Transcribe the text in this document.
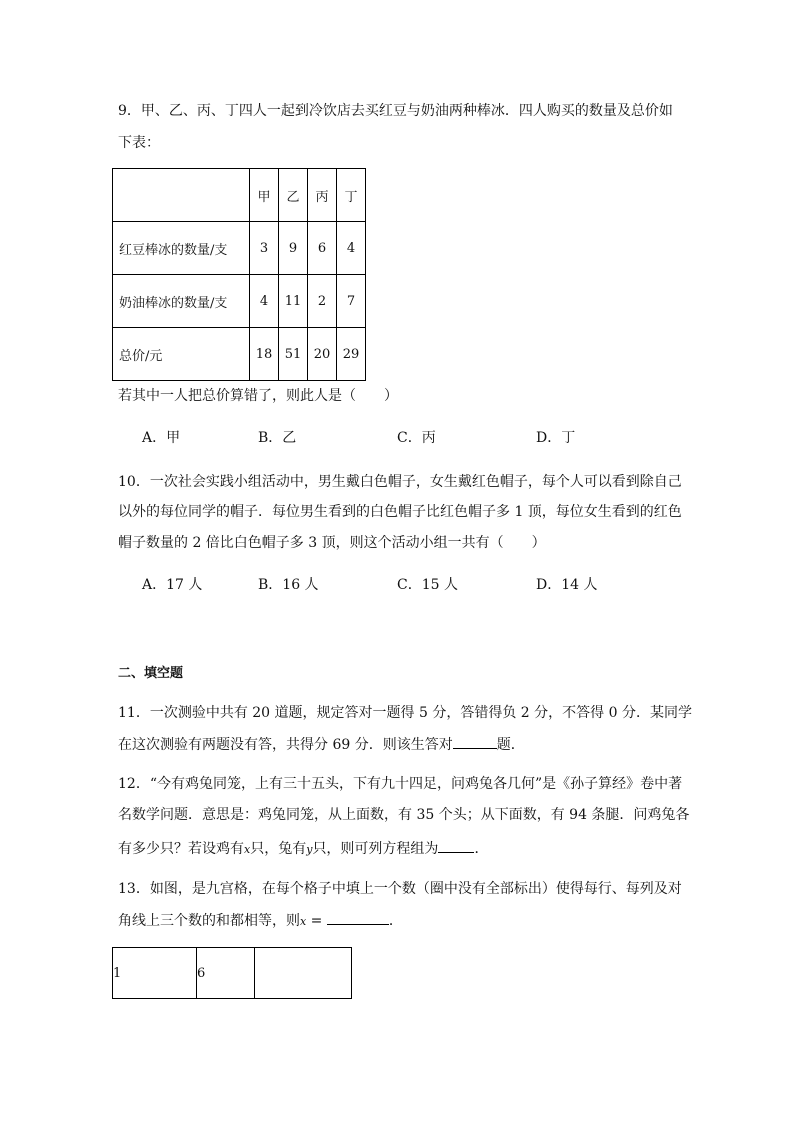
9．甲、乙、丙、丁四人一起到冷饮店去买红豆与奶油两种棒冰．四人购买的数量及总价如
下表：
	甲	乙	丙	丁
红豆棒冰的数量/支	3	9	6	4
奶油棒冰的数量/支	4	11	2	7
总价/元	18	51	20	29
若其中一人把总价算错了，则此人是（　　）
A．甲	B．乙	C．丙	D．丁
10．一次社会实践小组活动中，男生戴白色帽子，女生戴红色帽子，每个人可以看到除自己
以外的每位同学的帽子．每位男生看到的白色帽子比红色帽子多 1 顶，每位女生看到的红色
帽子数量的 2 倍比白色帽子多 3 顶，则这个活动小组一共有（　　）
A．17 人	B．16 人	C．15 人	D．14 人
二、填空题
11．一次测验中共有 20 道题，规定答对一题得 5 分，答错得负 2 分，不答得 0 分．某同学
在这次测验有两题没有答，共得分 69 分．则该生答对	题．
12．“今有鸡兔同笼，上有三十五头，下有九十四足，问鸡兔各几何”是《孙子算经》卷中著
名数学问题．意思是：鸡兔同笼，从上面数，有 35 个头；从下面数，有 94 条腿．问鸡兔各
有多少只？若设鸡有x只，兔有y只，则可列方程组为	．
13．如图，是九宫格，在每个格子中填上一个数（圈中没有全部标出）使得每行、每列及对
角线上三个数的和都相等，则x =	．
1	6	
